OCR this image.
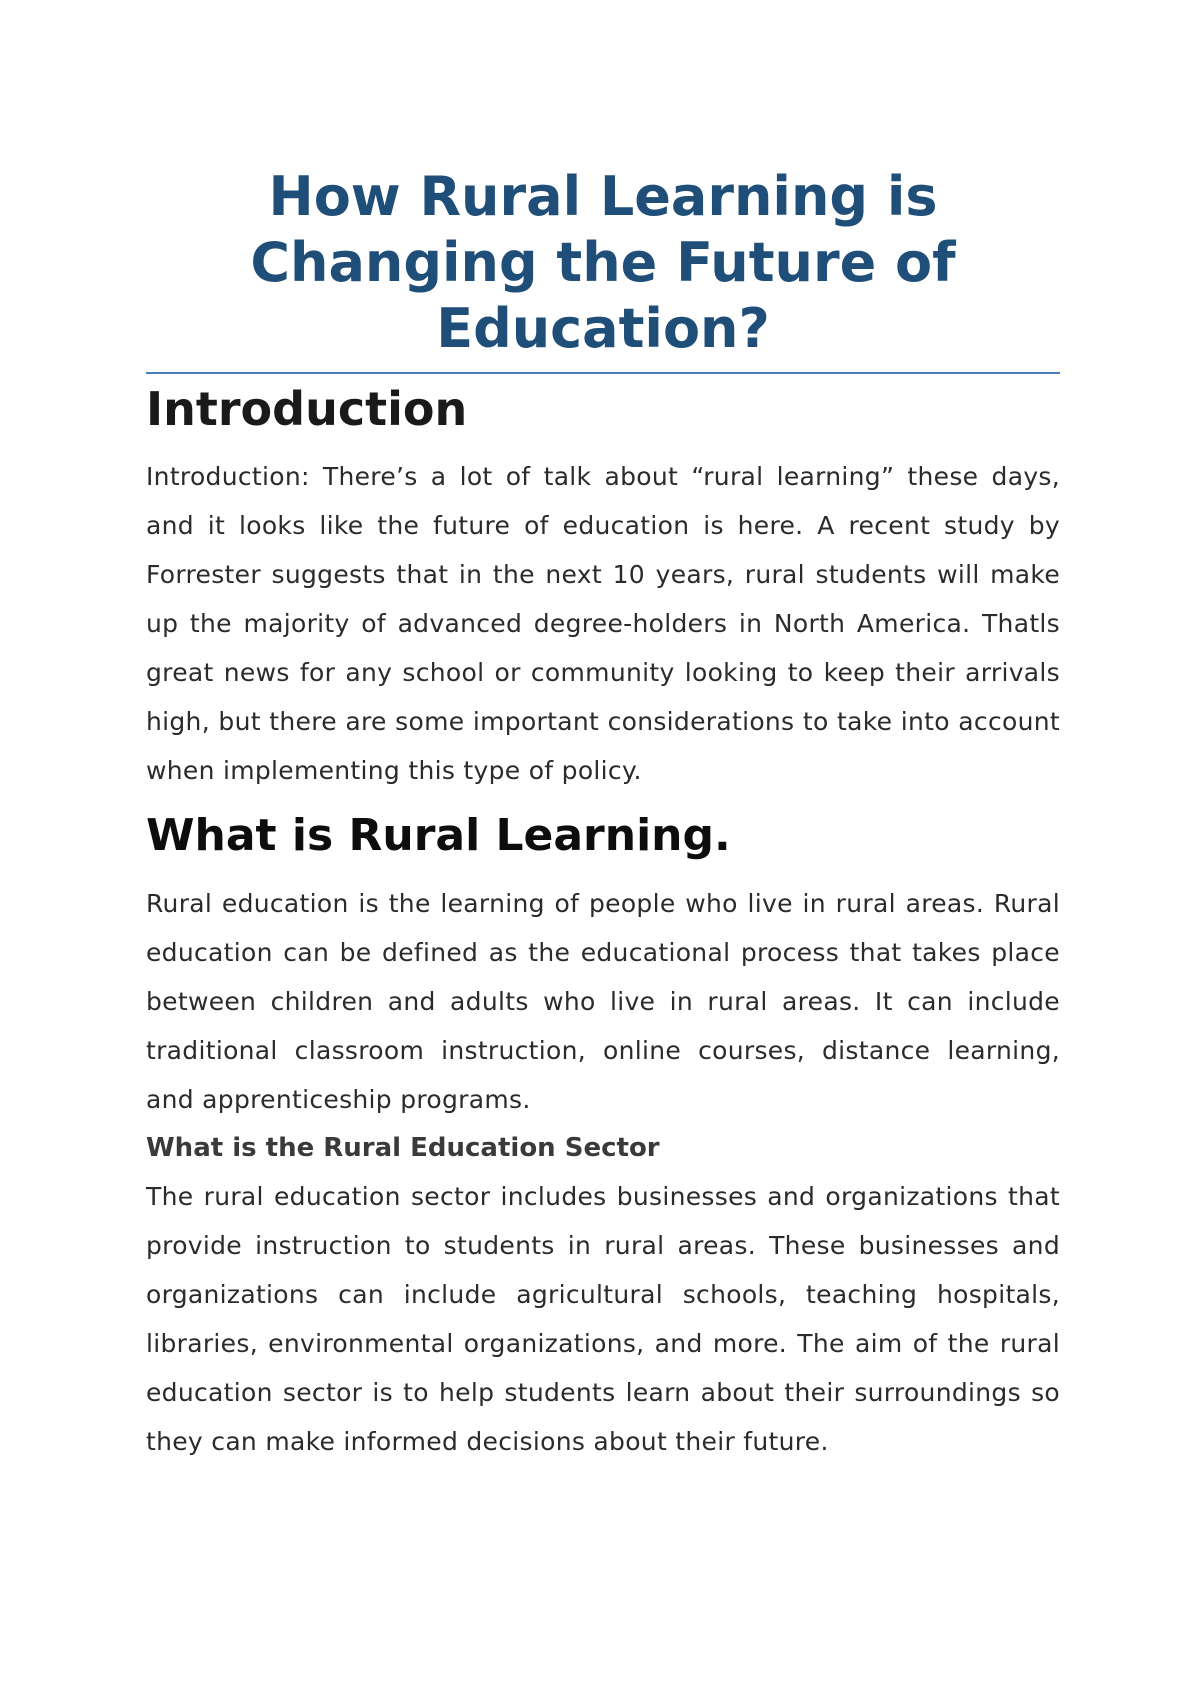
How Rural Learning is Changing the Future of Education?
Introduction

Introduction: There’s a lot of talk about “rural learning” these days, and it looks like the future of education is here. A recent study by Forrester suggests that in the next 10 years, rural students will make up the majority of advanced degree-holders in North America. Thatls great news for any school or community looking to keep their arrivals high, but there are some important considerations to take into account when implementing this type of policy.

What is Rural Learning.

Rural education is the learning of people who live in rural areas. Rural education can be defined as the educational process that takes place between children and adults who live in rural areas. It can include traditional classroom instruction, online courses, distance learning, and apprenticeship programs.

What is the Rural Education Sector

The rural education sector includes businesses and organizations that provide instruction to students in rural areas. These businesses and organizations can include agricultural schools, teaching hospitals, libraries, environmental organizations, and more. The aim of the rural education sector is to help students learn about their surroundings so they can make informed decisions about their future.
